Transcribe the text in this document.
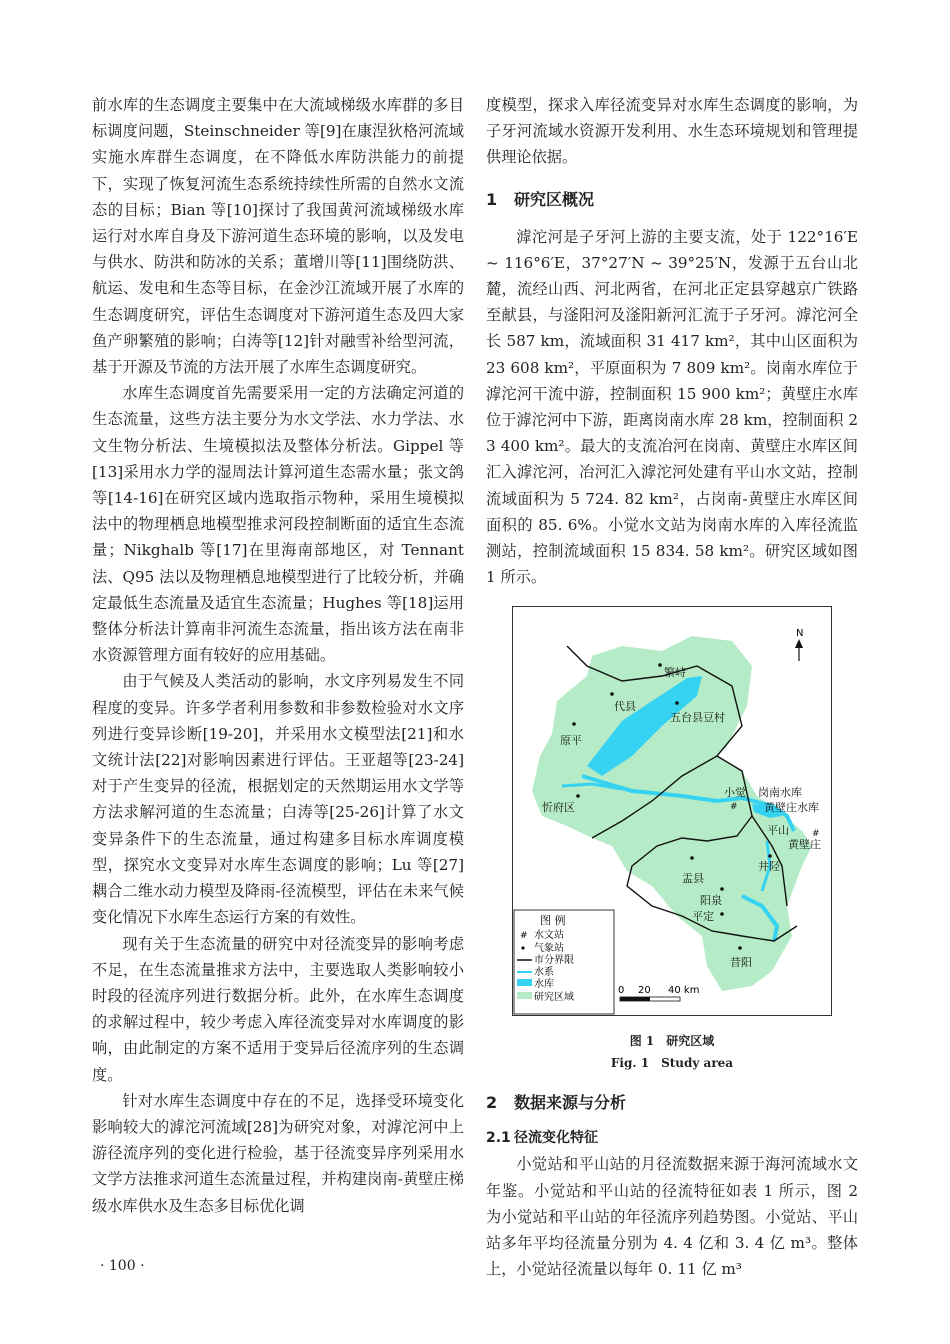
前水库的生态调度主要集中在大流域梯级水库群的多目标调度问题，Steinschneider 等[9]在康涅狄格河流域实施水库群生态调度，在不降低水库防洪能力的前提下，实现了恢复河流生态系统持续性所需的自然水文流态的目标；Bian 等[10]探讨了我国黄河流域梯级水库运行对水库自身及下游河道生态环境的影响，以及发电与供水、防洪和防冰的关系；董增川等[11]围绕防洪、航运、发电和生态等目标，在金沙江流域开展了水库的生态调度研究，评估生态调度对下游河道生态及四大家鱼产卵繁殖的影响；白涛等[12]针对融雪补给型河流，基于开源及节流的方法开展了水库生态调度研究。

水库生态调度首先需要采用一定的方法确定河道的生态流量，这些方法主要分为水文学法、水力学法、水文生物分析法、生境模拟法及整体分析法。Gippel 等[13]采用水力学的湿周法计算河道生态需水量；张文鸽等[14-16]在研究区域内选取指示物种，采用生境模拟法中的物理栖息地模型推求河段控制断面的适宜生态流量；Nikghalb 等[17]在里海南部地区，对 Tennant 法、Q95 法以及物理栖息地模型进行了比较分析，并确定最低生态流量及适宜生态流量；Hughes 等[18]运用整体分析法计算南非河流生态流量，指出该方法在南非水资源管理方面有较好的应用基础。

由于气候及人类活动的影响，水文序列易发生不同程度的变异。许多学者利用参数和非参数检验对水文序列进行变异诊断[19-20]，并采用水文模型法[21]和水文统计法[22]对影响因素进行评估。王亚超等[23-24]对于产生变异的径流，根据划定的天然期运用水文学等方法求解河道的生态流量；白涛等[25-26]计算了水文变异条件下的生态流量，通过构建多目标水库调度模型，探究水文变异对水库生态调度的影响；Lu 等[27]耦合二维水动力模型及降雨-径流模型，评估在未来气候变化情况下水库生态运行方案的有效性。

现有关于生态流量的研究中对径流变异的影响考虑不足，在生态流量推求方法中，主要选取人类影响较小时段的径流序列进行数据分析。此外，在水库生态调度的求解过程中，较少考虑入库径流变异对水库调度的影响，由此制定的方案不适用于变异后径流序列的生态调度。

针对水库生态调度中存在的不足，选择受环境变化影响较大的滹沱河流域[28]为研究对象，对滹沱河中上游径流序列的变化进行检验，基于径流变异序列采用水文学方法推求河道生态流量过程，并构建岗南-黄壁庄梯级水库供水及生态多目标优化调

度模型，探求入库径流变异对水库生态调度的影响，为子牙河流域水资源开发利用、水生态环境规划和管理提供理论依据。

1 研究区概况

滹沱河是子牙河上游的主要支流，处于 122°16′E ~ 116°6′E，37°27′N ~ 39°25′N，发源于五台山北麓，流经山西、河北两省，在河北正定县穿越京广铁路至献县，与滏阳河及滏阳新河汇流于子牙河。滹沱河全长 587 km，流域面积 31 417 km²，其中山区面积为 23 608 km²，平原面积为 7 809 km²。岗南水库位于滹沱河干流中游，控制面积 15 900 km²；黄壁庄水库位于滹沱河中下游，距离岗南水库 28 km，控制面积 23 400 km²。最大的支流冶河在岗南、黄壁庄水库区间汇入滹沱河，冶河汇入滹沱河处建有平山水文站，控制流域面积为 5 724. 82 km²，占岗南-黄壁庄水库区间面积的 85. 6%。小觉水文站为岗南水库的入库径流监测站，控制流域面积 15 834. 58 km²。研究区域如图 1 所示。

N
繁峙
代县
五台县豆村
原平
忻府区
小觉
#
岗南水库
黄壁庄水库
平山	#
黄壁庄
井陉
盂县
阳泉
平定
昔阳
图 例
# 水文站
气象站
市分界限
水系
水库
研究区域
0 20 40 km
图 1　研究区域
Fig. 1　Study area
2 数据来源与分析
2.1 径流变化特征

小觉站和平山站的月径流数据来源于海河流域水文年鉴。小觉站和平山站的径流特征如表 1 所示，图 2 为小觉站和平山站的年径流序列趋势图。小觉站、平山站多年平均径流量分别为 4. 4 亿和 3. 4 亿 m³。整体上，小觉站径流量以每年 0. 11 亿 m³

· 100 ·
